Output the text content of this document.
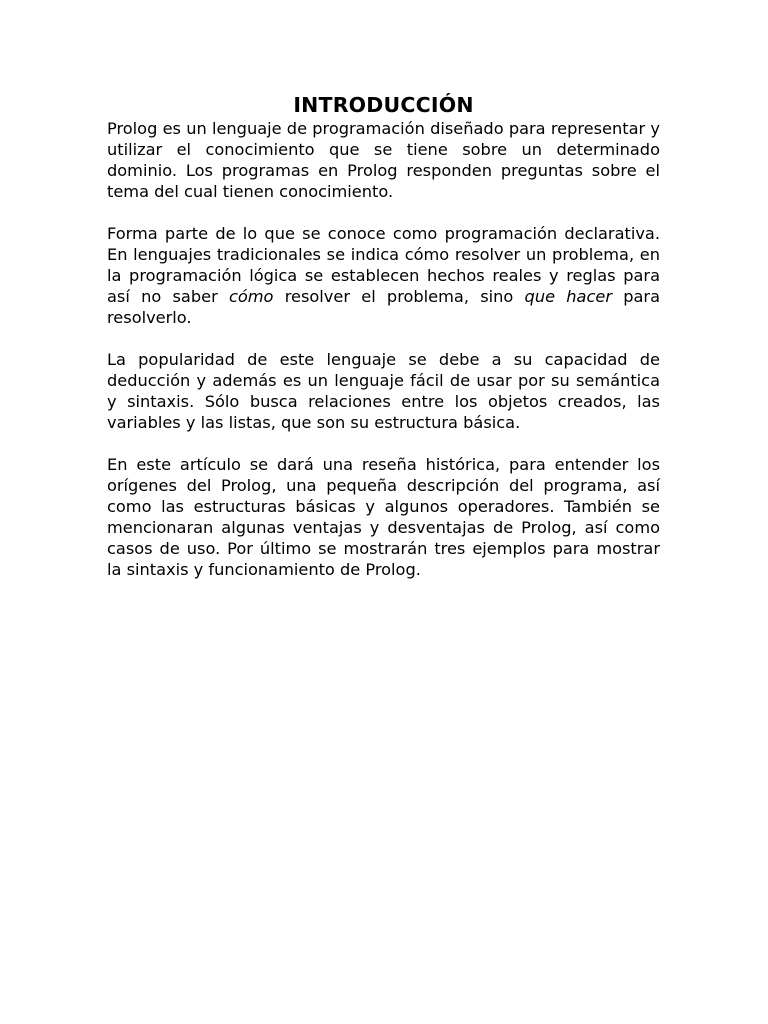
INTRODUCCIÓN

Prolog es un lenguaje de programación diseñado para representar y utilizar el conocimiento que se tiene sobre un determinado dominio. Los programas en Prolog responden preguntas sobre el tema del cual tienen conocimiento.

Forma parte de lo que se conoce como programación declarativa. En lenguajes tradicionales se indica cómo resolver un problema, en la programación lógica se establecen hechos reales y reglas para así no saber cómo resolver el problema, sino que hacer para resolverlo.

La popularidad de este lenguaje se debe a su capacidad de deducción y además es un lenguaje fácil de usar por su semántica y sintaxis. Sólo busca relaciones entre los objetos creados, las variables y las listas, que son su estructura básica.

En este artículo se dará una reseña histórica, para entender los orígenes del Prolog, una pequeña descripción del programa, así como las estructuras básicas y algunos operadores. También se mencionaran algunas ventajas y desventajas de Prolog, así como casos de uso. Por último se mostrarán tres ejemplos para mostrar la sintaxis y funcionamiento de Prolog.
